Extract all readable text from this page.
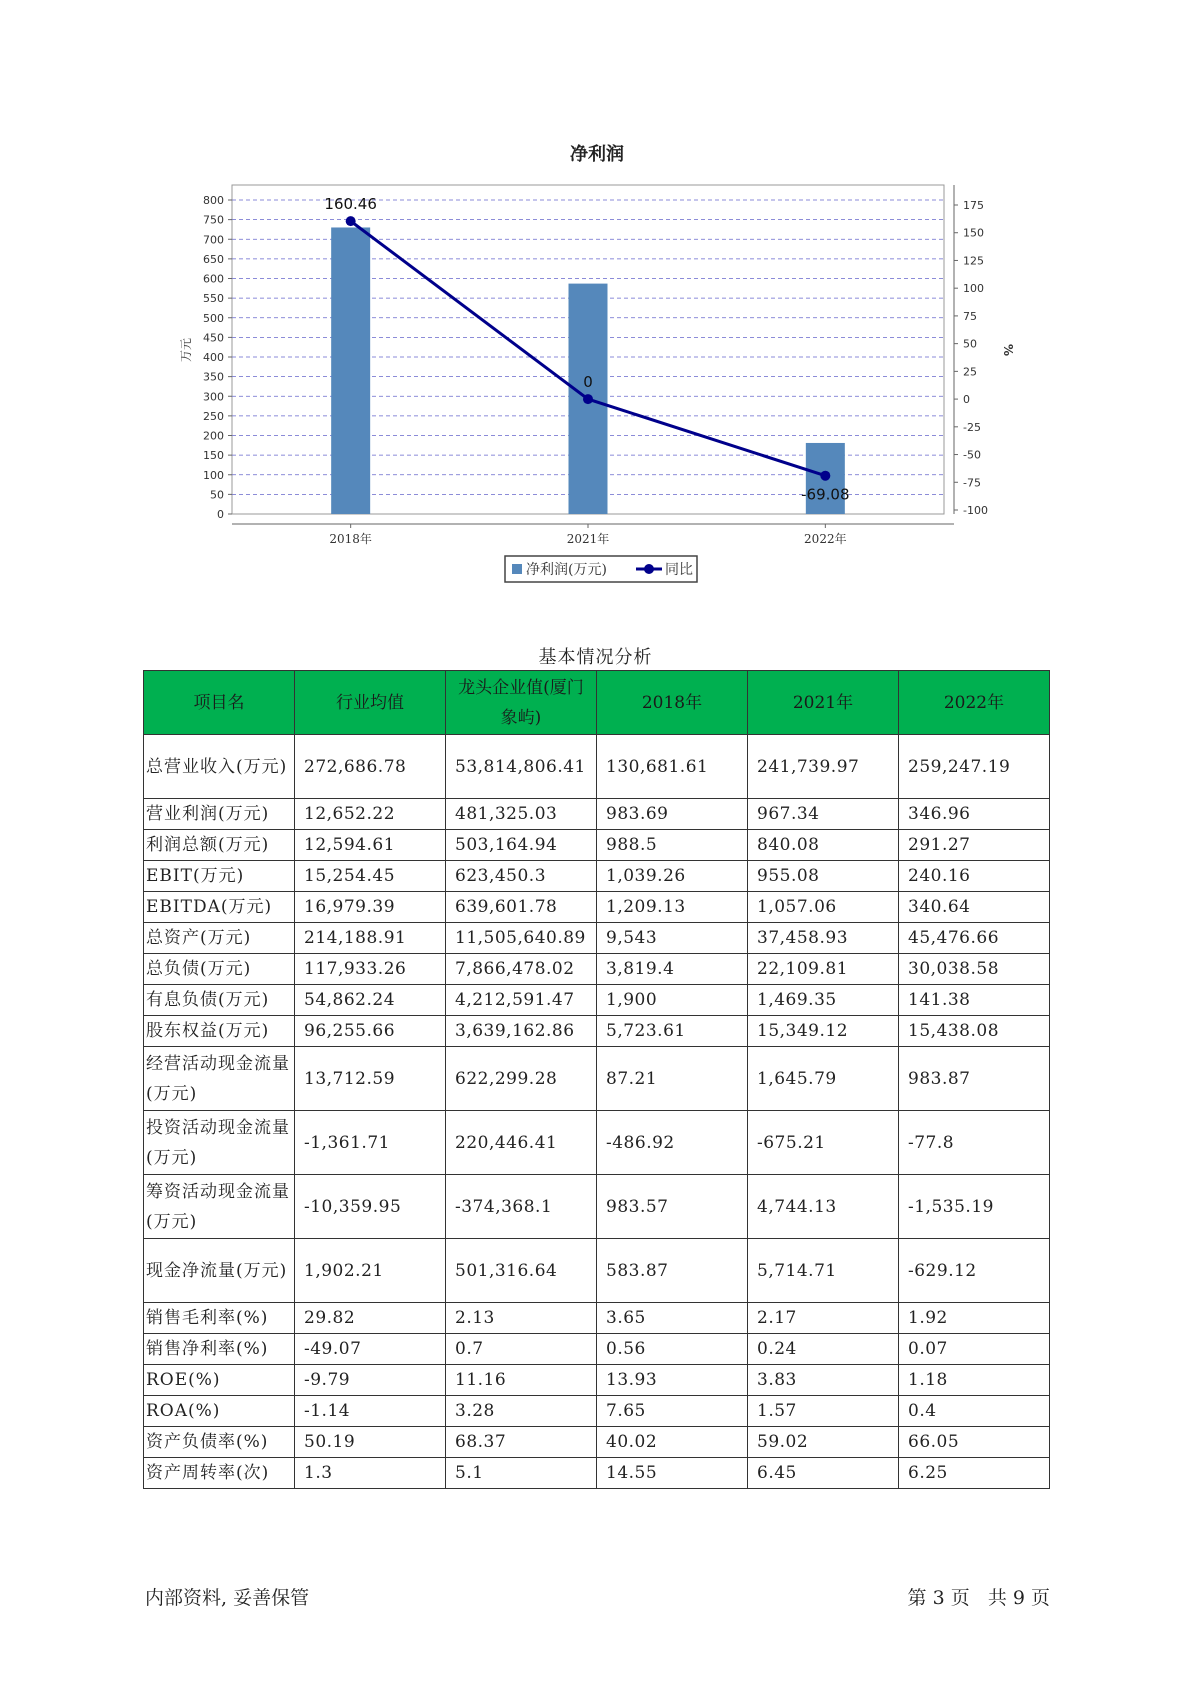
净利润
0
50
100
150
200
250
300
350
400
450
500
550
600
650
700
750
800
-100
-75
-50
-25
0
25
50
75
100
125
150
175
2018年	2021年	2022年
万元	%
160.46
0
-69.08
净利润(万元)	同比
基本情况分析
项目名	行业均值	龙头企业值(厦门象屿)	2018年	2021年	2022年
总营业收入(万元)	272,686.78	53,814,806.41	130,681.61	241,739.97	259,247.19
营业利润(万元)	12,652.22	481,325.03	983.69	967.34	346.96
利润总额(万元)	12,594.61	503,164.94	988.5	840.08	291.27
EBIT(万元)	15,254.45	623,450.3	1,039.26	955.08	240.16
EBITDA(万元)	16,979.39	639,601.78	1,209.13	1,057.06	340.64
总资产(万元)	214,188.91	11,505,640.89	9,543	37,458.93	45,476.66
总负债(万元)	117,933.26	7,866,478.02	3,819.4	22,109.81	30,038.58
有息负债(万元)	54,862.24	4,212,591.47	1,900	1,469.35	141.38
股东权益(万元)	96,255.66	3,639,162.86	5,723.61	15,349.12	15,438.08
经营活动现金流量(万元)	13,712.59	622,299.28	87.21	1,645.79	983.87
投资活动现金流量(万元)	-1,361.71	220,446.41	-486.92	-675.21	-77.8
筹资活动现金流量(万元)	-10,359.95	-374,368.1	983.57	4,744.13	-1,535.19
现金净流量(万元)	1,902.21	501,316.64	583.87	5,714.71	-629.12
销售毛利率(%)	29.82	2.13	3.65	2.17	1.92
销售净利率(%)	-49.07	0.7	0.56	0.24	0.07
ROE(%)	-9.79	11.16	13.93	3.83	1.18
ROA(%)	-1.14	3.28	7.65	1.57	0.4
资产负债率(%)	50.19	68.37	40.02	59.02	66.05
资产周转率(次)	1.3	5.1	14.55	6.45	6.25
内部资料, 妥善保管	第 3 页   共 9 页
